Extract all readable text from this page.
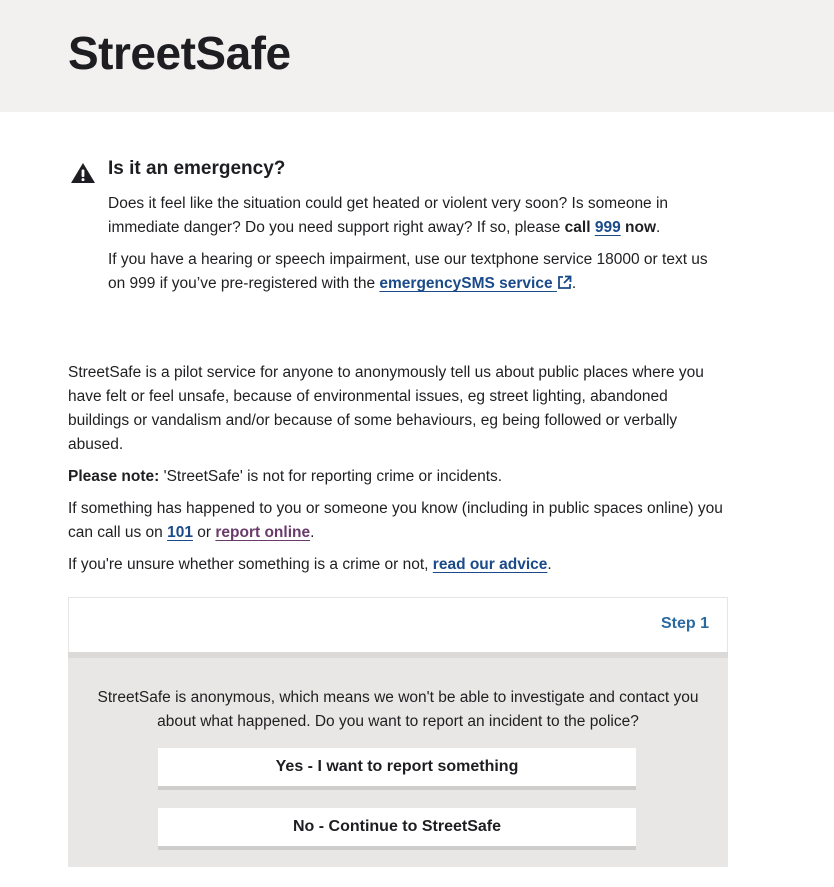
StreetSafe
Is it an emergency?

Does it feel like the situation could get heated or violent very soon? Is someone in immediate danger? Do you need support right away? If so, please call 999 now.

If you have a hearing or speech impairment, use our textphone service 18000 or text us on 999 if you’ve pre-registered with the emergencySMS service .

StreetSafe is a pilot service for anyone to anonymously tell us about public places where you have felt or feel unsafe, because of environmental issues, eg street lighting, abandoned buildings or vandalism and/or because of some behaviours, eg being followed or verbally abused.

Please note: 'StreetSafe' is not for reporting crime or incidents.

If something has happened to you or someone you know (including in public spaces online) you can call us on 101 or report online.

If you're unsure whether something is a crime or not, read our advice.

Step 1
StreetSafe is anonymous, which means we won't be able to investigate and contact you about what happened. Do you want to report an incident to the police?
Yes - I want to report something
No - Continue to StreetSafe
